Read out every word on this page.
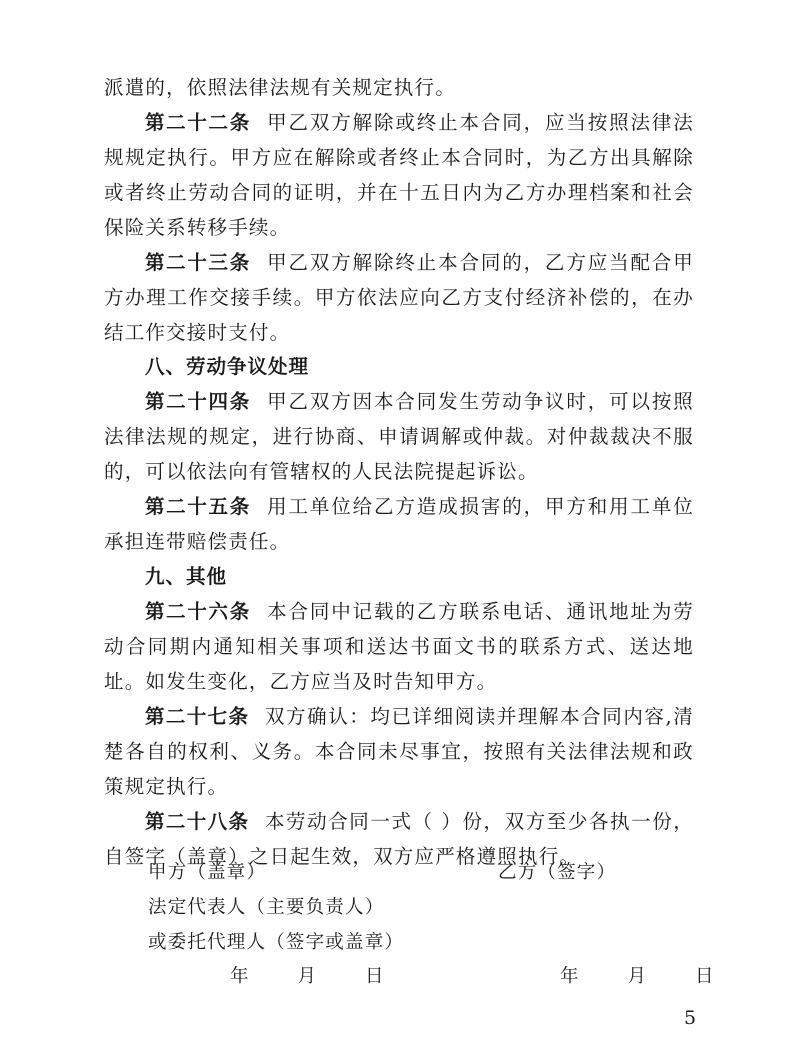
派遣的，依照法律法规有关规定执行。

第二十二条 甲乙双方解除或终止本合同，应当按照法律法规规定执行。甲方应在解除或者终止本合同时，为乙方出具解除或者终止劳动合同的证明，并在十五日内为乙方办理档案和社会保险关系转移手续。

第二十三条 甲乙双方解除终止本合同的，乙方应当配合甲方办理工作交接手续。甲方依法应向乙方支付经济补偿的，在办结工作交接时支付。

八、劳动争议处理

第二十四条 甲乙双方因本合同发生劳动争议时，可以按照法律法规的规定，进行协商、申请调解或仲裁。对仲裁裁决不服的，可以依法向有管辖权的人民法院提起诉讼。

第二十五条 用工单位给乙方造成损害的，甲方和用工单位承担连带赔偿责任。

九、其他

第二十六条 本合同中记载的乙方联系电话、通讯地址为劳动合同期内通知相关事项和送达书面文书的联系方式、送达地址。如发生变化，乙方应当及时告知甲方。

第二十七条 双方确认：均已详细阅读并理解本合同内容,清楚各自的权利、义务。本合同未尽事宜，按照有关法律法规和政策规定执行。

第二十八条 本劳动合同一式（ ）份，双方至少各执一份，自签字（盖章）之日起生效，双方应严格遵照执行。

甲方（盖章）	乙方（签字）
法定代表人（主要负责人）
或委托代理人（签字或盖章）
年　　月　　日	年　　月　　日
5
